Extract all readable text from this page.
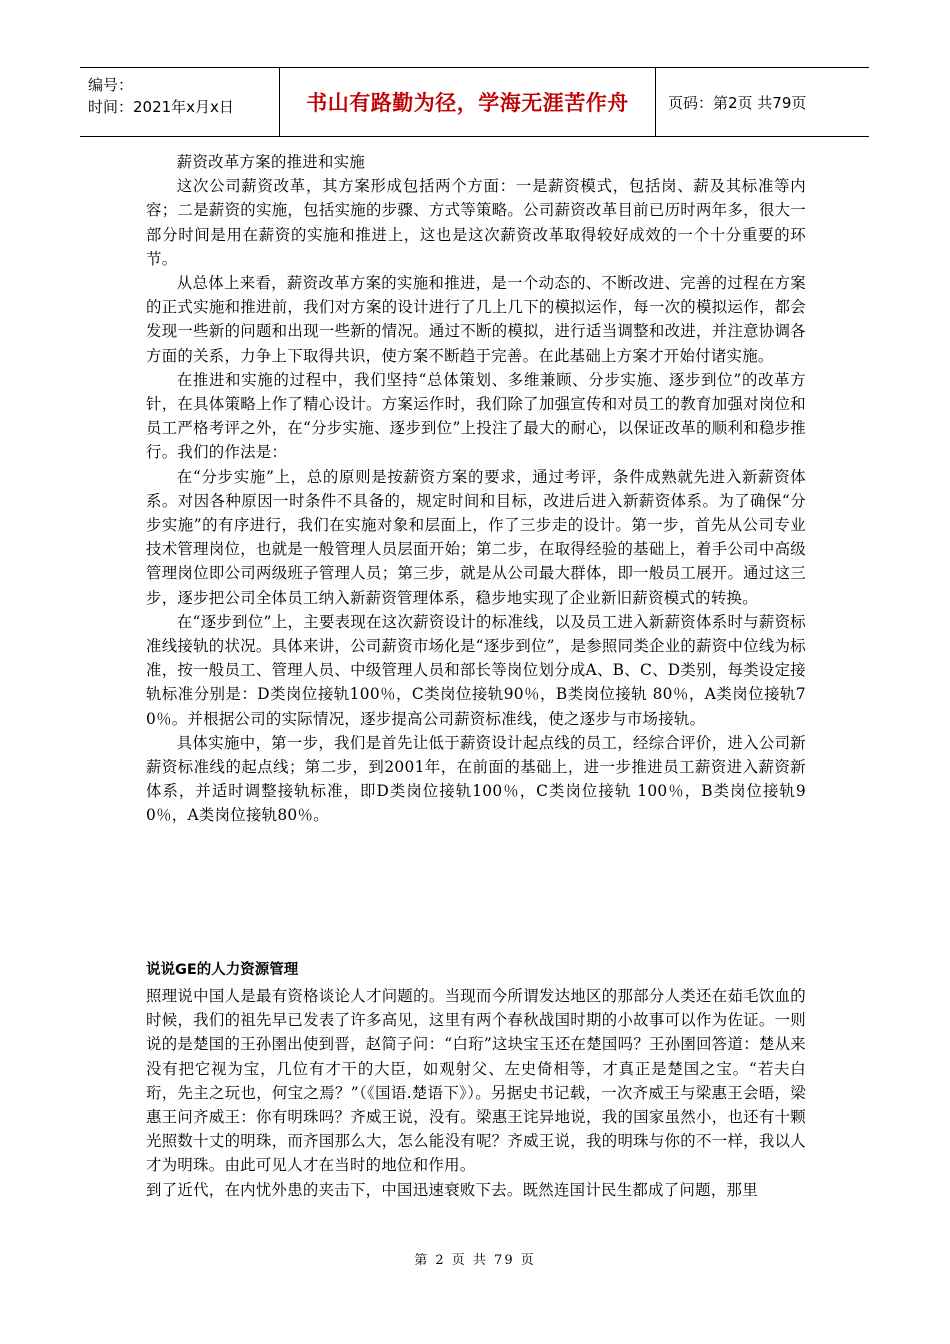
编号：
时间：2021年x月x日	书山有路勤为径，学海无涯苦作舟	页码：第2页 共79页

薪资改革方案的推进和实施

这次公司薪资改革，其方案形成包括两个方面：一是薪资模式，包括岗、薪及其标准等内容；二是薪资的实施，包括实施的步骤、方式等策略。公司薪资改革目前已历时两年多，很大一部分时间是用在薪资的实施和推进上，这也是这次薪资改革取得较好成效的一个十分重要的环节。

从总体上来看，薪资改革方案的实施和推进，是一个动态的、不断改进、完善的过程在方案的正式实施和推进前，我们对方案的设计进行了几上几下的模拟运作，每一次的模拟运作，都会发现一些新的问题和出现一些新的情况。通过不断的模拟，进行适当调整和改进，并注意协调各方面的关系，力争上下取得共识，使方案不断趋于完善。在此基础上方案才开始付诸实施。

在推进和实施的过程中，我们坚持“总体策划、多维兼顾、分步实施、逐步到位”的改革方针，在具体策略上作了精心设计。方案运作时，我们除了加强宣传和对员工的教育加强对岗位和员工严格考评之外，在“分步实施、逐步到位”上投注了最大的耐心，以保证改革的顺利和稳步推行。我们的作法是：

在“分步实施”上，总的原则是按薪资方案的要求，通过考评，条件成熟就先进入新薪资体系。对因各种原因一时条件不具备的，规定时间和目标，改进后进入新薪资体系。为了确保“分步实施”的有序进行，我们在实施对象和层面上，作了三步走的设计。第一步，首先从公司专业技术管理岗位，也就是一般管理人员层面开始；第二步，在取得经验的基础上，着手公司中高级管理岗位即公司两级班子管理人员；第三步，就是从公司最大群体，即一般员工展开。通过这三步，逐步把公司全体员工纳入新薪资管理体系，稳步地实现了企业新旧薪资模式的转换。

在“逐步到位”上，主要表现在这次薪资设计的标准线，以及员工进入新薪资体系时与薪资标准线接轨的状况。具体来讲，公司薪资市场化是“逐步到位”，是参照同类企业的薪资中位线为标准，按一般员工、管理人员、中级管理人员和部长等岗位划分成A、B、C、D类别，每类设定接轨标准分别是：D类岗位接轨100％，C类岗位接轨90％，B类岗位接轨 80％，A类岗位接轨70％。并根据公司的实际情况，逐步提高公司薪资标准线，使之逐步与市场接轨。

具体实施中，第一步，我们是首先让低于薪资设计起点线的员工，经综合评价，进入公司新薪资标准线的起点线；第二步，到2001年，在前面的基础上，进一步推进员工薪资进入薪资新体系，并适时调整接轨标准，即D类岗位接轨100％，C类岗位接轨 100％，B类岗位接轨90％，A类岗位接轨80％。

说说GE的人力资源管理

照理说中国人是最有资格谈论人才问题的。当现而今所谓发达地区的那部分人类还在茹毛饮血的时候，我们的祖先早已发表了许多高见，这里有两个春秋战国时期的小故事可以作为佐证。一则说的是楚国的王孙圉出使到晋，赵简子问：“白珩”这块宝玉还在楚国吗？王孙圉回答道：楚从来没有把它视为宝，几位有才干的大臣，如观射父、左史倚相等，才真正是楚国之宝。“若夫白珩，先主之玩也，何宝之焉？”（《国语.楚语下》）。另据史书记载，一次齐威王与梁惠王会晤，梁惠王问齐威王：你有明珠吗？齐威王说，没有。梁惠王诧异地说，我的国家虽然小，也还有十颗光照数十丈的明珠，而齐国那么大，怎么能没有呢？齐威王说，我的明珠与你的不一样，我以人才为明珠。由此可见人才在当时的地位和作用。

到了近代，在内忧外患的夹击下，中国迅速衰败下去。既然连国计民生都成了问题，那里

第 2 页 共 79 页
